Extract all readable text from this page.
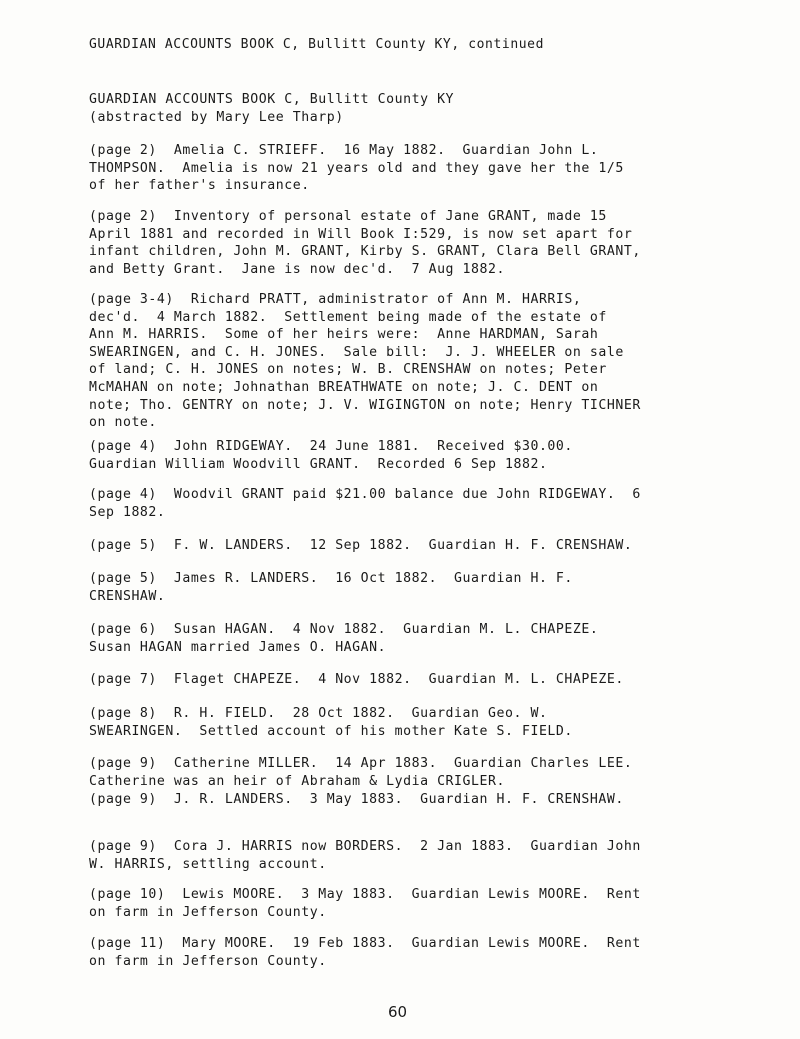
GUARDIAN ACCOUNTS BOOK C, Bullitt County KY, continued
GUARDIAN ACCOUNTS BOOK C, Bullitt County KY
(abstracted by Mary Lee Tharp)
(page 2)  Amelia C. STRIEFF.  16 May 1882.  Guardian John L.
THOMPSON.  Amelia is now 21 years old and they gave her the 1/5
of her father's insurance.
(page 2)  Inventory of personal estate of Jane GRANT, made 15
April 1881 and recorded in Will Book I:529, is now set apart for
infant children, John M. GRANT, Kirby S. GRANT, Clara Bell GRANT,
and Betty Grant.  Jane is now dec'd.  7 Aug 1882.
(page 3-4)  Richard PRATT, administrator of Ann M. HARRIS,
dec'd.  4 March 1882.  Settlement being made of the estate of
Ann M. HARRIS.  Some of her heirs were:  Anne HARDMAN, Sarah
SWEARINGEN, and C. H. JONES.  Sale bill:  J. J. WHEELER on sale
of land; C. H. JONES on notes; W. B. CRENSHAW on notes; Peter
McMAHAN on note; Johnathan BREATHWATE on note; J. C. DENT on
note; Tho. GENTRY on note; J. V. WIGINGTON on note; Henry TICHNER
on note.
(page 4)  John RIDGEWAY.  24 June 1881.  Received $30.00.
Guardian William Woodvill GRANT.  Recorded 6 Sep 1882.
(page 4)  Woodvil GRANT paid $21.00 balance due John RIDGEWAY.  6
Sep 1882.
(page 5)  F. W. LANDERS.  12 Sep 1882.  Guardian H. F. CRENSHAW.
(page 5)  James R. LANDERS.  16 Oct 1882.  Guardian H. F.
CRENSHAW.
(page 6)  Susan HAGAN.  4 Nov 1882.  Guardian M. L. CHAPEZE.
Susan HAGAN married James O. HAGAN.
(page 7)  Flaget CHAPEZE.  4 Nov 1882.  Guardian M. L. CHAPEZE.
(page 8)  R. H. FIELD.  28 Oct 1882.  Guardian Geo. W.
SWEARINGEN.  Settled account of his mother Kate S. FIELD.
(page 9)  Catherine MILLER.  14 Apr 1883.  Guardian Charles LEE.
Catherine was an heir of Abraham & Lydia CRIGLER.
(page 9)  J. R. LANDERS.  3 May 1883.  Guardian H. F. CRENSHAW.
(page 9)  Cora J. HARRIS now BORDERS.  2 Jan 1883.  Guardian John
W. HARRIS, settling account.
(page 10)  Lewis MOORE.  3 May 1883.  Guardian Lewis MOORE.  Rent
on farm in Jefferson County.
(page 11)  Mary MOORE.  19 Feb 1883.  Guardian Lewis MOORE.  Rent
on farm in Jefferson County.
60
